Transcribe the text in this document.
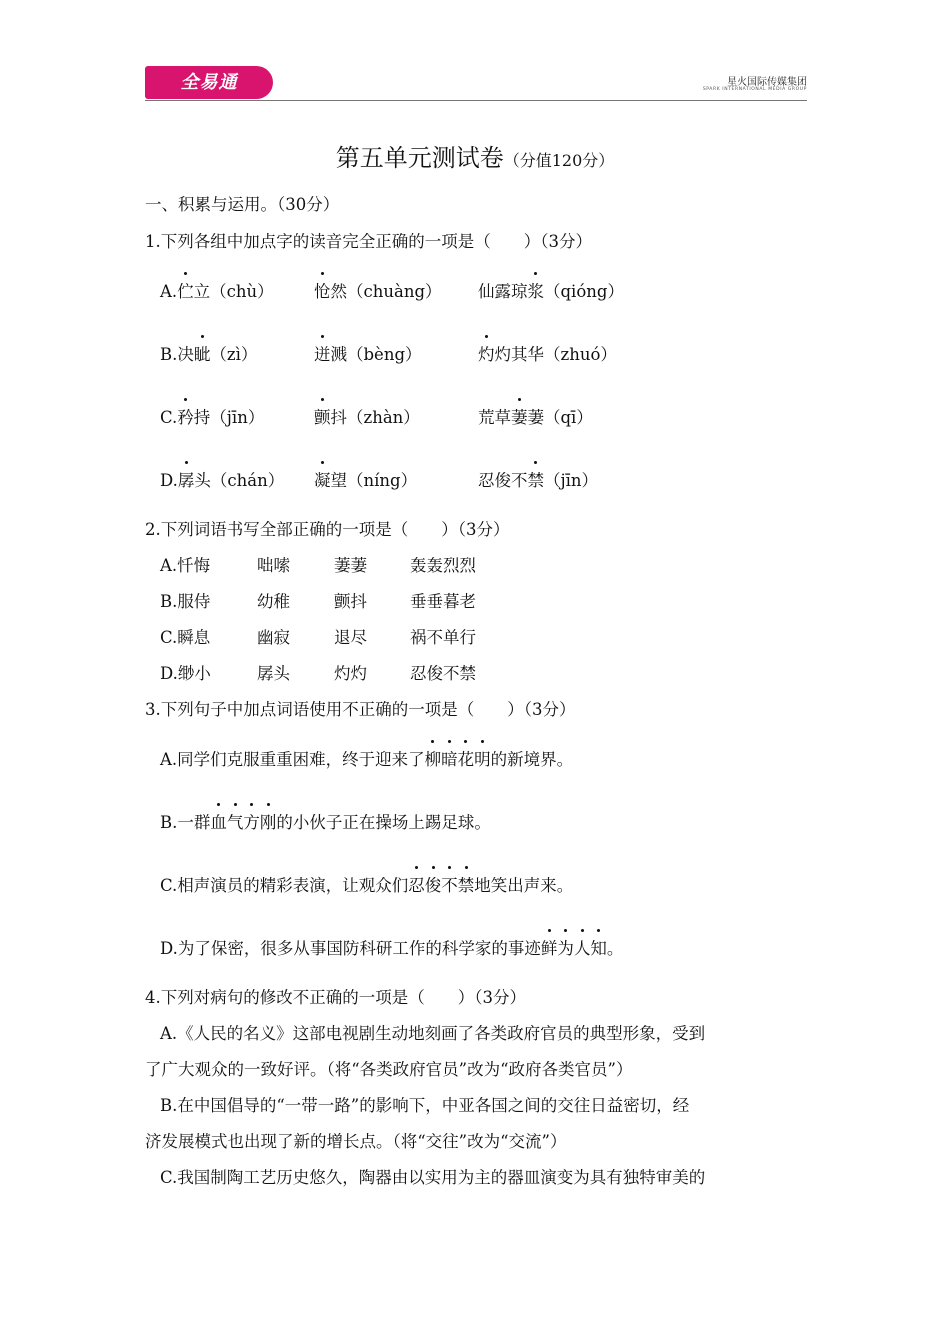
全易通	星火国际传媒集团
SPARK INTERNATIONAL MEDIA GROUP
第五单元测试卷（分值120分）
一、积累与运用。（30分）
1.下列各组中加点字的读音完全正确的一项是（　　）（3分）
A.伫立（chù） 怆然（chuàng） 仙露琼浆（qióng）
B.决眦（zì）	迸溅（bèng）	灼灼其华（zhuó）
C.矜持（jīn）	颤抖（zhàn）	荒草萋萋（qī）
D.孱头（chán） 凝望（níng）	忍俊不禁（jīn）
2.下列词语书写全部正确的一项是（　　）（3分）
A.忏悔	咄嗦	萋萋	轰轰烈烈
B.服侍	幼稚	颤抖	垂垂暮老
C.瞬息	幽寂	退尽	祸不单行
D.缈小	孱头	灼灼	忍俊不禁
3.下列句子中加点词语使用不正确的一项是（　　）（3分）
A.同学们克服重重困难，终于迎来了柳暗花明的新境界。
B.一群血气方刚的小伙子正在操场上踢足球。
C.相声演员的精彩表演，让观众们忍俊不禁地笑出声来。
D.为了保密，很多从事国防科研工作的科学家的事迹鲜为人知。
4.下列对病句的修改不正确的一项是（　　）（3分）
A.《人民的名义》这部电视剧生动地刻画了各类政府官员的典型形象，受到
了广大观众的一致好评。（将“各类政府官员”改为“政府各类官员”）
B.在中国倡导的“一带一路”的影响下，中亚各国之间的交往日益密切，经
济发展模式也出现了新的增长点。（将“交往”改为“交流”）
C.我国制陶工艺历史悠久，陶器由以实用为主的器皿演变为具有独特审美的
